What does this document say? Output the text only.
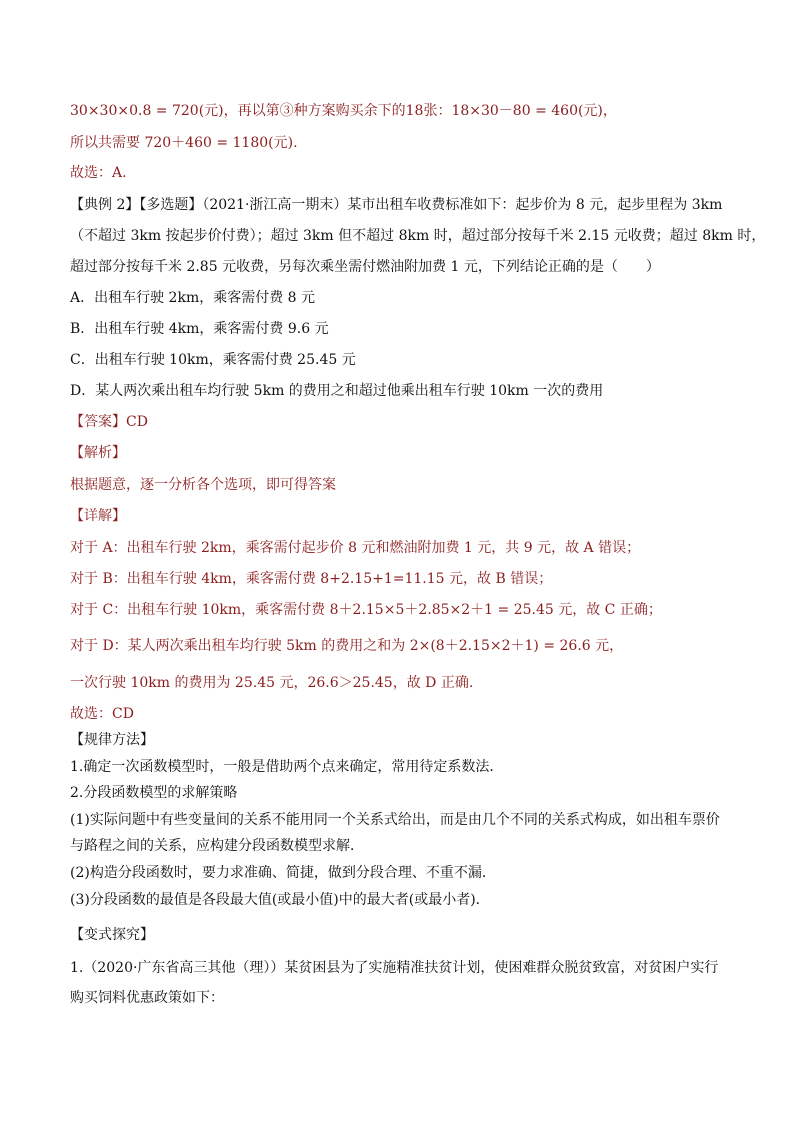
30×30×0.8 = 720(元)，再以第③种方案购买余下的18张：18×30－80 = 460(元)，
所以共需要 720＋460 = 1180(元).
故选：A.
【典例 2】【多选题】（2021·浙江高一期末）某市出租车收费标准如下：起步价为 8 元，起步里程为 3km
（不超过 3km 按起步价付费）；超过 3km 但不超过 8km 时，超过部分按每千米 2.15 元收费；超过 8km 时，
超过部分按每千米 2.85 元收费，另每次乘坐需付燃油附加费 1 元，下列结论正确的是（　　）
A．出租车行驶 2km，乘客需付费 8 元
B．出租车行驶 4km，乘客需付费 9.6 元
C．出租车行驶 10km，乘客需付费 25.45 元
D．某人两次乘出租车均行驶 5km 的费用之和超过他乘出租车行驶 10km 一次的费用
【答案】CD
【解析】
根据题意，逐一分析各个选项，即可得答案
【详解】
对于 A：出租车行驶 2km，乘客需付起步价 8 元和燃油附加费 1 元，共 9 元，故 A 错误；
对于 B：出租车行驶 4km，乘客需付费 8+2.15+1=11.15 元，故 B 错误；
对于 C：出租车行驶 10km，乘客需付费 8＋2.15×5＋2.85×2＋1 = 25.45 元，故 C 正确；
对于 D：某人两次乘出租车均行驶 5km 的费用之和为 2×(8＋2.15×2＋1) = 26.6 元，
一次行驶 10km 的费用为 25.45 元，26.6＞25.45，故 D 正确.
故选：CD
【规律方法】
1.确定一次函数模型时，一般是借助两个点来确定，常用待定系数法．
2.分段函数模型的求解策略
(1)实际问题中有些变量间的关系不能用同一个关系式给出，而是由几个不同的关系式构成，如出租车票价
与路程之间的关系，应构建分段函数模型求解．
(2)构造分段函数时，要力求准确、简捷，做到分段合理、不重不漏．
(3)分段函数的最值是各段最大值(或最小值)中的最大者(或最小者)．
【变式探究】
1.（2020·广东省高三其他（理））某贫困县为了实施精准扶贫计划，使困难群众脱贫致富，对贫困户实行
购买饲料优惠政策如下：
